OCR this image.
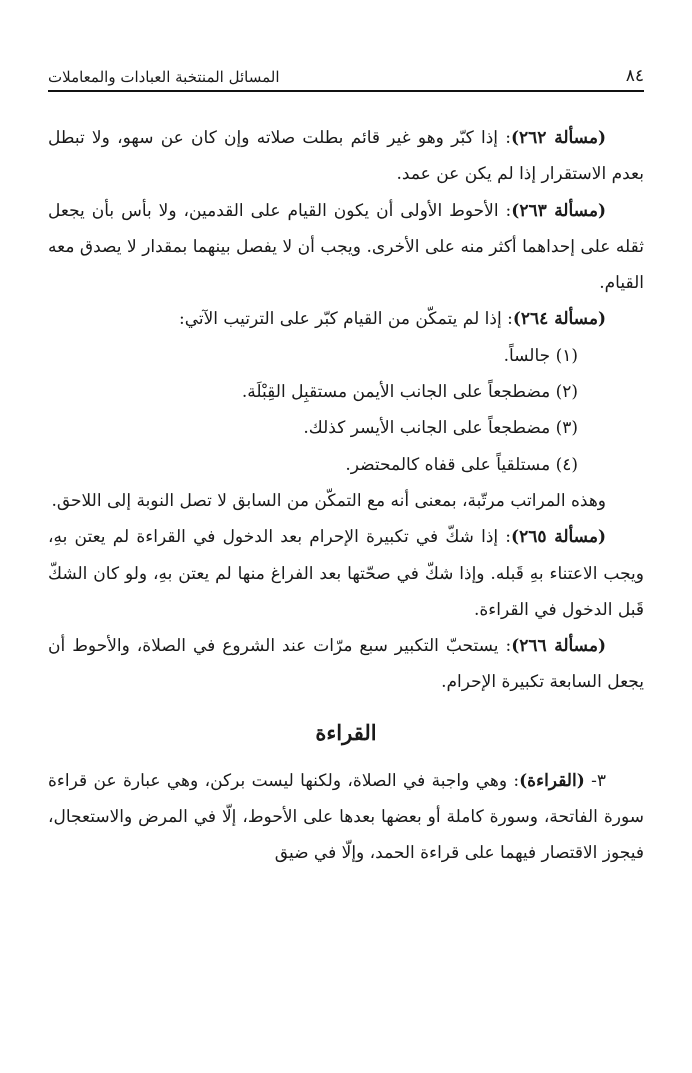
٨٤
المسائل المنتخبة العبادات والمعاملات

(مسألة ٢٦٢): إذا كبّر وهو غير قائم بطلت صلاته وإن كان عن سهو، ولا تبطل بعدم الاستقرار إذا لم يكن عن عمد.

(مسألة ٢٦٣): الأحوط الأولى أن يكون القيام على القدمين، ولا بأس بأن يجعل ثقله على إحداهما أكثر منه على الأخرى. ويجب أن لا يفصل بينهما بمقدار لا يصدق معه القيام.

(مسألة ٢٦٤): إذا لم يتمكّن من القيام كبّر على الترتيب الآتي:

(١) جالساً.

(٢) مضطجعاً على الجانب الأيمن مستقبِل القِبْلَة.

(٣) مضطجعاً على الجانب الأيسر كذلك.

(٤) مستلقياً على قفاه كالمحتضر.

وهذه المراتب مرتّبة، بمعنى أنه مع التمكّن من السابق لا تصل النوبة إلى اللاحق.

(مسألة ٢٦٥): إذا شكّ في تكبيرة الإحرام بعد الدخول في القراءة لم يعتن بهِ، ويجب الاعتناء بهِ قَبله. وإذا شكّ في صحّتها بعد الفراغ منها لم يعتن بهِ، ولو كان الشكّ قَبل الدخول في القراءة.

(مسألة ٢٦٦): يستحبّ التكبير سبع مرّات عند الشروع في الصلاة، والأحوط أن يجعل السابعة تكبيرة الإحرام.

القراءة

٣- (القراءة): وهي واجبة في الصلاة، ولكنها ليست بركن، وهي عبارة عن قراءة سورة الفاتحة، وسورة كاملة أو بعضها بعدها على الأحوط، إلّا في المرض والاستعجال، فيجوز الاقتصار فيهما على قراءة الحمد، وإلّا في ضيق
